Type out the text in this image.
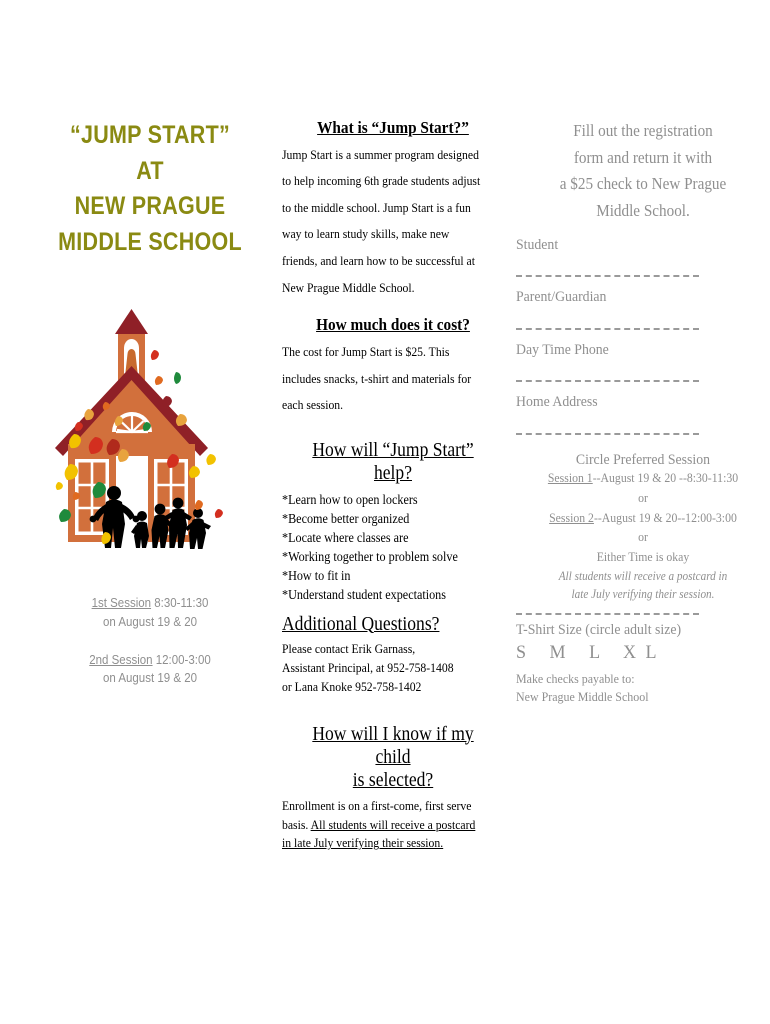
“JUMP START”
AT
NEW PRAGUE
MIDDLE SCHOOL
1st Session 8:30-11:30
on August 19 & 20
2nd Session 12:00-3:00
on August 19 & 20
What is “Jump Start?”
Jump Start is a summer program designed to help incoming 6th grade students adjust to the middle school. Jump Start is a fun way to learn study skills, make new friends, and learn how to be successful at New Prague Middle School.
How much does it cost?
The cost for Jump Start is $25. This includes snacks, t-shirt and materials for each session.
How will “Jump Start” help?
*Learn how to open lockers
*Become better organized
*Locate where classes are
*Working together to problem solve
*How to fit in
*Understand student expectations
Additional Questions?
Please contact Erik Garnass,
Assistant Principal, at 952-758-1408
or Lana Knoke 952-758-1402
How will I know if my child
is selected?
Enrollment is on a first-come, first serve basis. All students will receive a postcard in late July verifying their session.
Fill out the registration
form and return it with
a $25 check to New Prague
Middle School.
Student
Parent/Guardian
Day Time Phone
Home Address
Circle Preferred Session
Session 1--August 19 & 20 --8:30-11:30
or
Session 2--August 19 & 20--12:00-3:00
or
Either Time is okay
All students will receive a postcard in
late July verifying their session.
T-Shirt Size (circle adult size)
S M L XL
Make checks payable to:
New Prague Middle School
